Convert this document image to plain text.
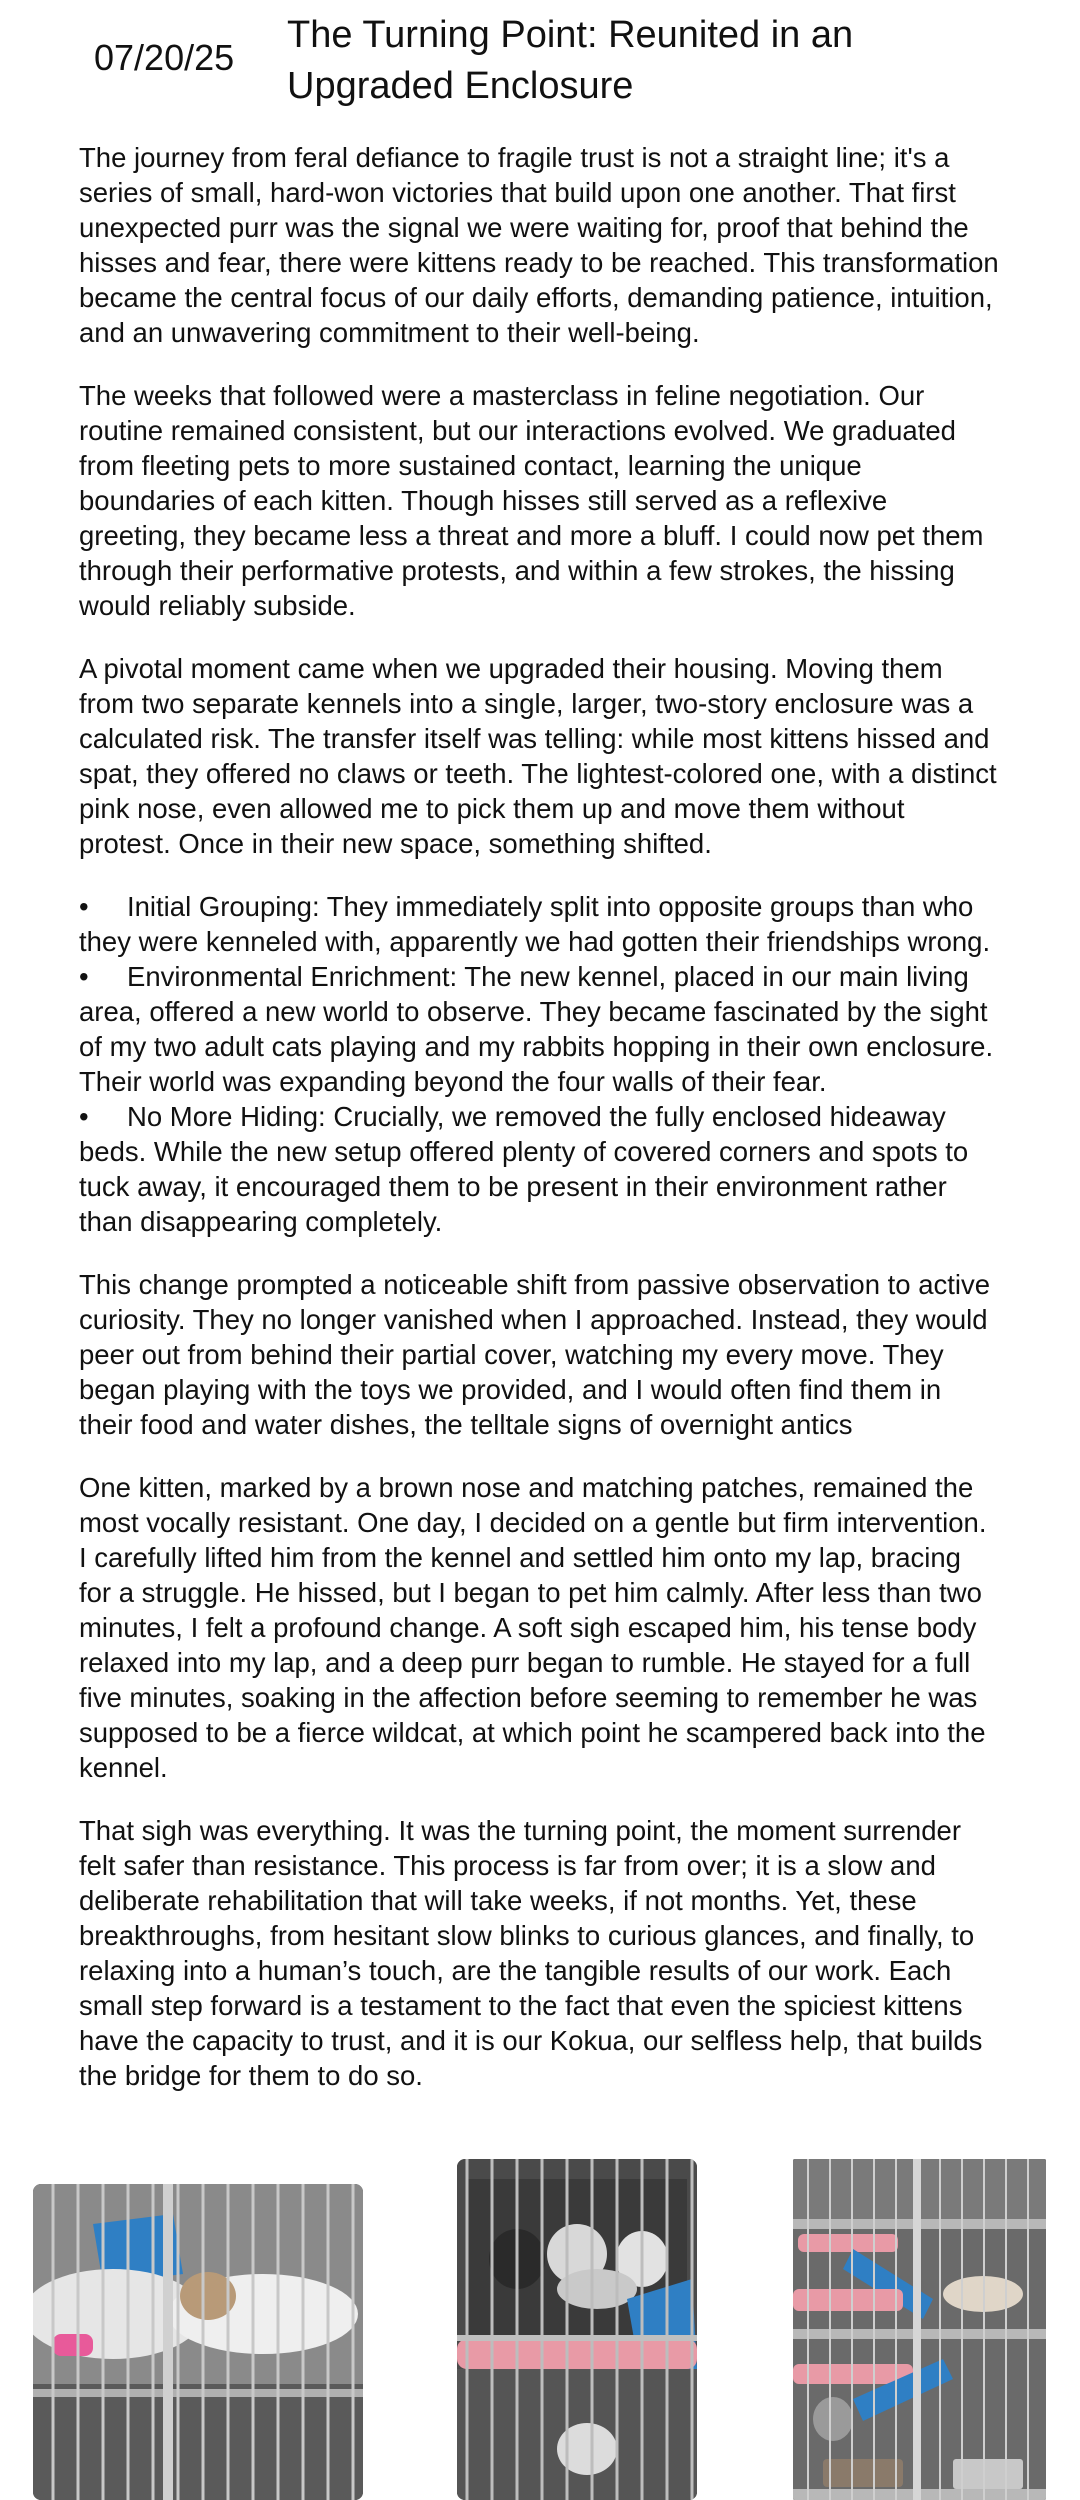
07/20/25
The Turning Point: Reunited in an Upgraded Enclosure

The journey from feral defiance to fragile trust is not a straight line; it's a series of small, hard-won victories that build upon one another. That first unexpected purr was the signal we were waiting for, proof that behind the hisses and fear, there were kittens ready to be reached. This transformation became the central focus of our daily efforts, demanding patience, intuition, and an unwavering commitment to their well-being.

The weeks that followed were a masterclass in feline negotiation. Our routine remained consistent, but our interactions evolved. We graduated from fleeting pets to more sustained contact, learning the unique boundaries of each kitten. Though hisses still served as a reflexive greeting, they became less a threat and more a bluff. I could now pet them through their performative protests, and within a few strokes, the hissing would reliably subside.

A pivotal moment came when we upgraded their housing. Moving them from two separate kennels into a single, larger, two-story enclosure was a calculated risk. The transfer itself was telling: while most kittens hissed and spat, they offered no claws or teeth. The lightest-colored one, with a distinct pink nose, even allowed me to pick them up and move them without protest. Once in their new space, something shifted.

• Initial Grouping: They immediately split into opposite groups than who they were kenneled with, apparently we had gotten their friendships wrong.
• Environmental Enrichment: The new kennel, placed in our main living area, offered a new world to observe. They became fascinated by the sight of my two adult cats playing and my rabbits hopping in their own enclosure. Their world was expanding beyond the four walls of their fear.
• No More Hiding: Crucially, we removed the fully enclosed hideaway beds. While the new setup offered plenty of covered corners and spots to tuck away, it encouraged them to be present in their environment rather than disappearing completely.

This change prompted a noticeable shift from passive observation to active curiosity. They no longer vanished when I approached. Instead, they would peer out from behind their partial cover, watching my every move. They began playing with the toys we provided, and I would often find them in their food and water dishes, the telltale signs of overnight antics

One kitten, marked by a brown nose and matching patches, remained the most vocally resistant. One day, I decided on a gentle but firm intervention. I carefully lifted him from the kennel and settled him onto my lap, bracing for a struggle. He hissed, but I began to pet him calmly. After less than two minutes, I felt a profound change. A soft sigh escaped him, his tense body relaxed into my lap, and a deep purr began to rumble. He stayed for a full five minutes, soaking in the affection before seeming to remember he was supposed to be a fierce wildcat, at which point he scampered back into the kennel.

That sigh was everything. It was the turning point, the moment surrender felt safer than resistance. This process is far from over; it is a slow and deliberate rehabilitation that will take weeks, if not months. Yet, these breakthroughs, from hesitant slow blinks to curious glances, and finally, to relaxing into a human’s touch, are the tangible results of our work. Each small step forward is a testament to the fact that even the spiciest kittens have the capacity to trust, and it is our Kokua, our selfless help, that builds the bridge for them to do so.
